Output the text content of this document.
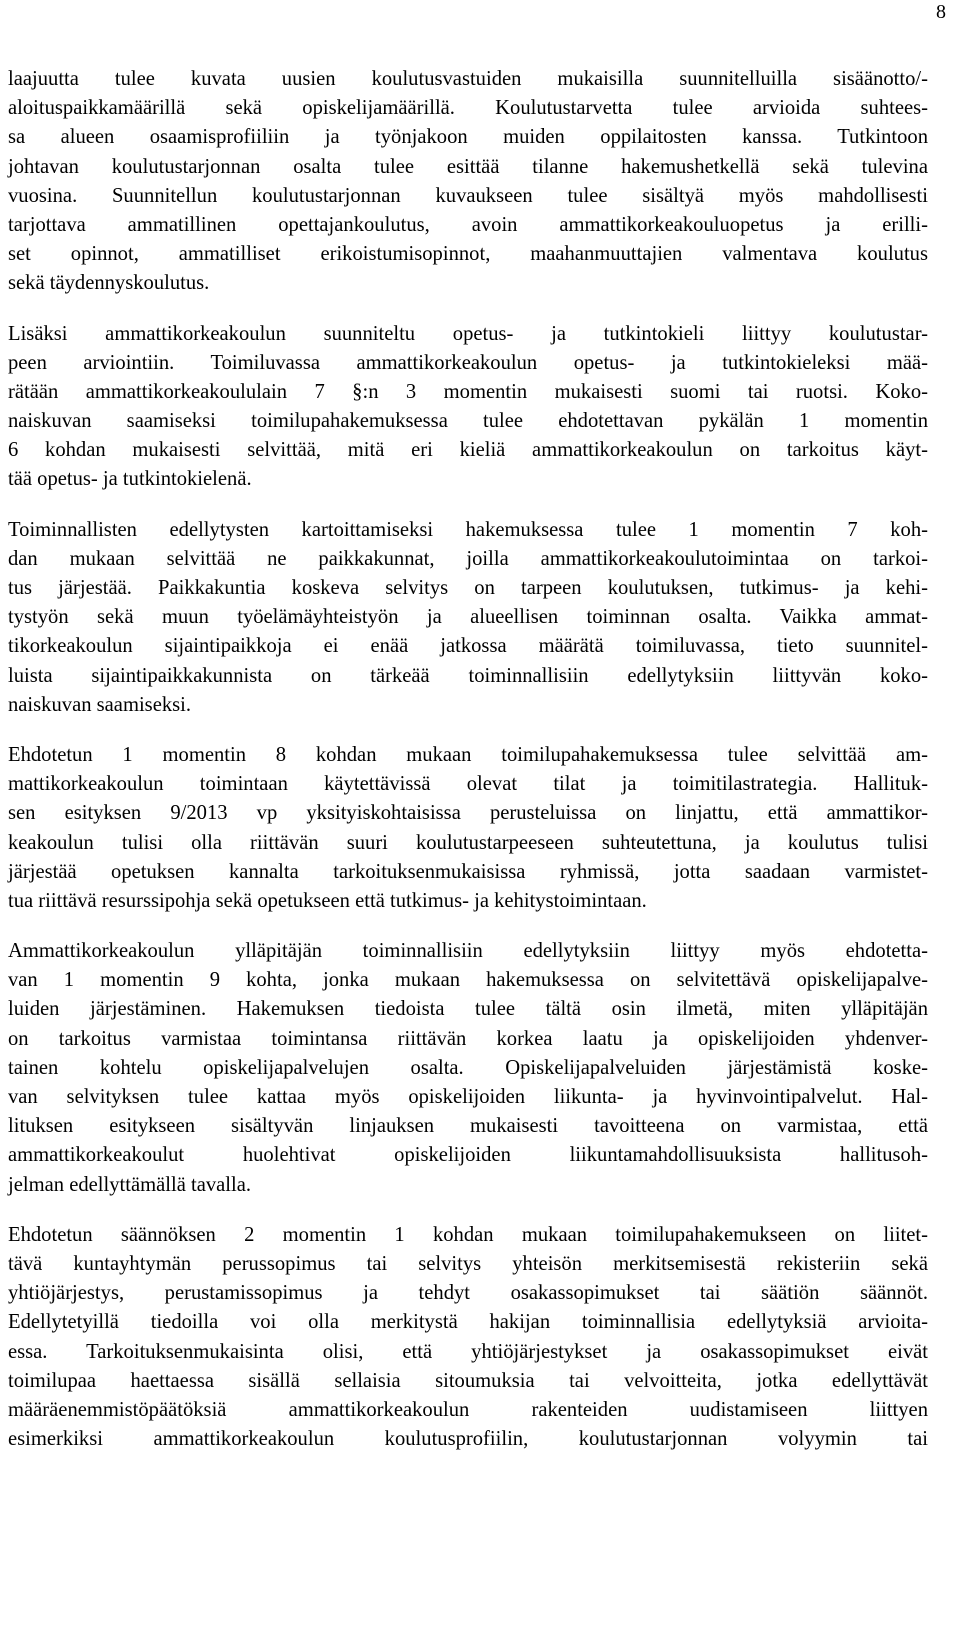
8
laajuutta tulee kuvata uusien koulutusvastuiden mukaisilla suunnitelluilla sisäänotto/-
aloituspaikkamäärillä sekä opiskelijamäärillä. Koulutustarvetta tulee arvioida suhtees-
sa alueen osaamisprofiiliin ja työnjakoon muiden oppilaitosten kanssa. Tutkintoon
johtavan koulutustarjonnan osalta tulee esittää tilanne hakemushetkellä sekä tulevina
vuosina. Suunnitellun koulutustarjonnan kuvaukseen tulee sisältyä myös mahdollisesti
tarjottava ammatillinen opettajankoulutus, avoin ammattikorkeakouluopetus ja erilli-
set opinnot, ammatilliset erikoistumisopinnot, maahanmuuttajien valmentava koulutus
sekä täydennyskoulutus.
Lisäksi ammattikorkeakoulun suunniteltu opetus- ja tutkintokieli liittyy koulutustar-
peen arviointiin. Toimiluvassa ammattikorkeakoulun opetus- ja tutkintokieleksi mää-
rätään ammattikorkeakoululain 7 §:n 3 momentin mukaisesti suomi tai ruotsi. Koko-
naiskuvan saamiseksi toimilupahakemuksessa tulee ehdotettavan pykälän 1 momentin
6 kohdan mukaisesti selvittää, mitä eri kieliä ammattikorkeakoulun on tarkoitus käyt-
tää opetus- ja tutkintokielenä.
Toiminnallisten edellytysten kartoittamiseksi hakemuksessa tulee 1 momentin 7 koh-
dan mukaan selvittää ne paikkakunnat, joilla ammattikorkeakoulutoimintaa on tarkoi-
tus järjestää. Paikkakuntia koskeva selvitys on tarpeen koulutuksen, tutkimus- ja kehi-
tystyön sekä muun työelämäyhteistyön ja alueellisen toiminnan osalta. Vaikka ammat-
tikorkeakoulun sijaintipaikkoja ei enää jatkossa määrätä toimiluvassa, tieto suunnitel-
luista sijaintipaikkakunnista on tärkeää toiminnallisiin edellytyksiin liittyvän koko-
naiskuvan saamiseksi.
Ehdotetun 1 momentin 8 kohdan mukaan toimilupahakemuksessa tulee selvittää am-
mattikorkeakoulun toimintaan käytettävissä olevat tilat ja toimitilastrategia. Hallituk-
sen esityksen 9/2013 vp yksityiskohtaisissa perusteluissa on linjattu, että ammattikor-
keakoulun tulisi olla riittävän suuri koulutustarpeeseen suhteutettuna, ja koulutus tulisi
järjestää opetuksen kannalta tarkoituksenmukaisissa ryhmissä, jotta saadaan varmistet-
tua riittävä resurssipohja sekä opetukseen että tutkimus- ja kehitystoimintaan.
Ammattikorkeakoulun ylläpitäjän toiminnallisiin edellytyksiin liittyy myös ehdotetta-
van 1 momentin 9 kohta, jonka mukaan hakemuksessa on selvitettävä opiskelijapalve-
luiden järjestäminen. Hakemuksen tiedoista tulee tältä osin ilmetä, miten ylläpitäjän
on tarkoitus varmistaa toimintansa riittävän korkea laatu ja opiskelijoiden yhdenver-
tainen kohtelu opiskelijapalvelujen osalta. Opiskelijapalveluiden järjestämistä koske-
van selvityksen tulee kattaa myös opiskelijoiden liikunta- ja hyvinvointipalvelut. Hal-
lituksen esitykseen sisältyvän linjauksen mukaisesti tavoitteena on varmistaa, että
ammattikorkeakoulut huolehtivat opiskelijoiden liikuntamahdollisuuksista hallitusoh-
jelman edellyttämällä tavalla.
Ehdotetun säännöksen 2 momentin 1 kohdan mukaan toimilupahakemukseen on liitet-
tävä kuntayhtymän perussopimus tai selvitys yhteisön merkitsemisestä rekisteriin sekä
yhtiöjärjestys, perustamissopimus ja tehdyt osakassopimukset tai säätiön säännöt.
Edellytetyillä tiedoilla voi olla merkitystä hakijan toiminnallisia edellytyksiä arvioita-
essa. Tarkoituksenmukaisinta olisi, että yhtiöjärjestykset ja osakassopimukset eivät
toimilupaa haettaessa sisällä sellaisia sitoumuksia tai velvoitteita, jotka edellyttävät
määräenemmistöpäätöksiä ammattikorkeakoulun rakenteiden uudistamiseen liittyen
esimerkiksi ammattikorkeakoulun koulutusprofiilin, koulutustarjonnan volyymin tai
